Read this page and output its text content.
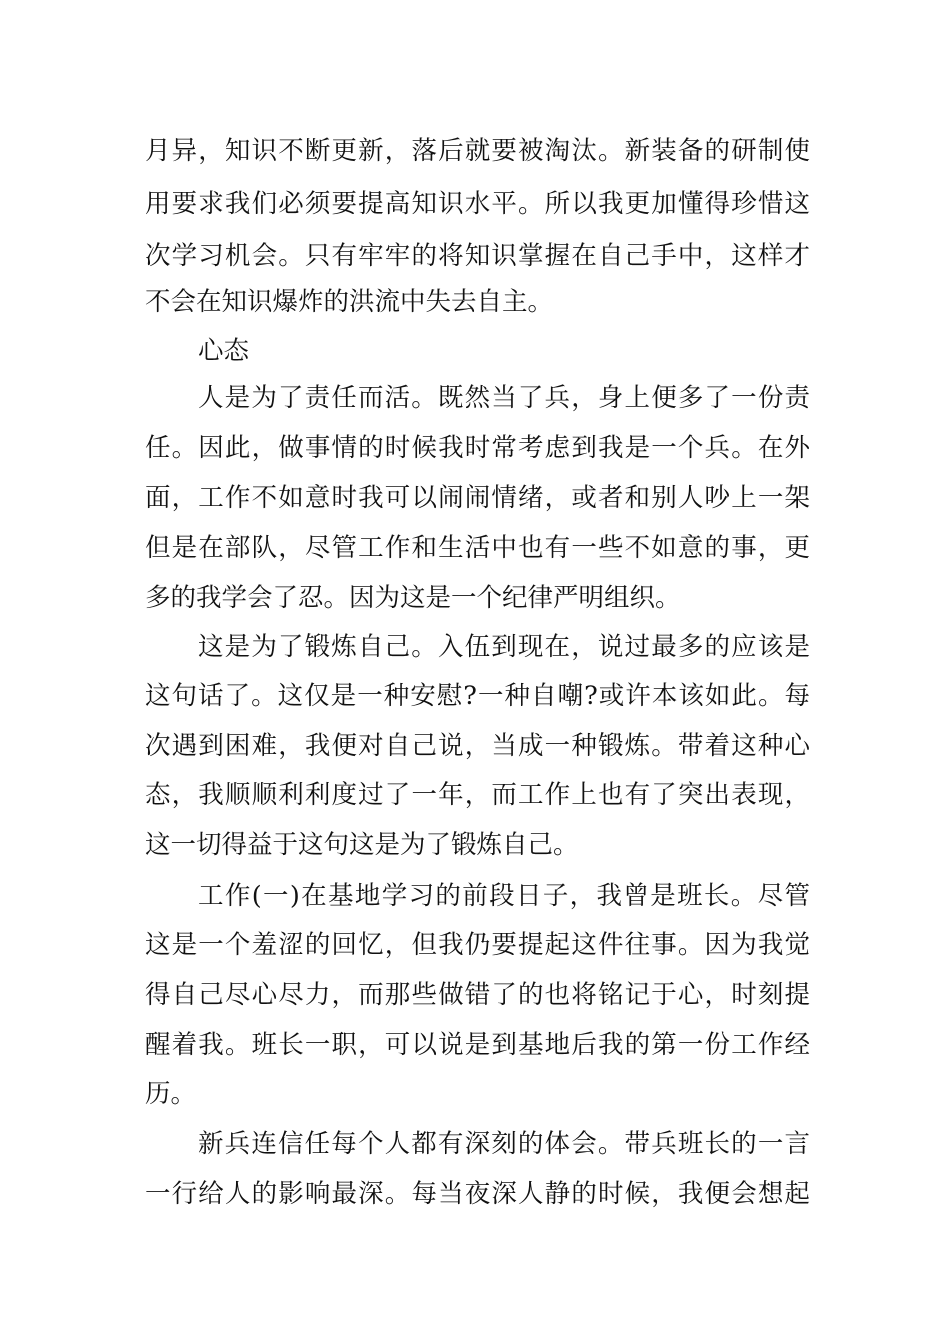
月异，知识不断更新，落后就要被淘汰。新装备的研制使
用要求我们必须要提高知识水平。所以我更加懂得珍惜这
次学习机会。只有牢牢的将知识掌握在自己手中，这样才
不会在知识爆炸的洪流中失去自主。
心态
人是为了责任而活。既然当了兵，身上便多了一份责
任。因此，做事情的时候我时常考虑到我是一个兵。在外
面，工作不如意时我可以闹闹情绪，或者和别人吵上一架
但是在部队，尽管工作和生活中也有一些不如意的事，更
多的我学会了忍。因为这是一个纪律严明组织。
这是为了锻炼自己。入伍到现在，说过最多的应该是
这句话了。这仅是一种安慰?一种自嘲?或许本该如此。每
次遇到困难，我便对自己说，当成一种锻炼。带着这种心
态，我顺顺利利度过了一年，而工作上也有了突出表现，
这一切得益于这句这是为了锻炼自己。
工作(一)在基地学习的前段日子，我曾是班长。尽管
这是一个羞涩的回忆，但我仍要提起这件往事。因为我觉
得自己尽心尽力，而那些做错了的也将铭记于心，时刻提
醒着我。班长一职，可以说是到基地后我的第一份工作经
历。
新兵连信任每个人都有深刻的体会。带兵班长的一言
一行给人的影响最深。每当夜深人静的时候，我便会想起
